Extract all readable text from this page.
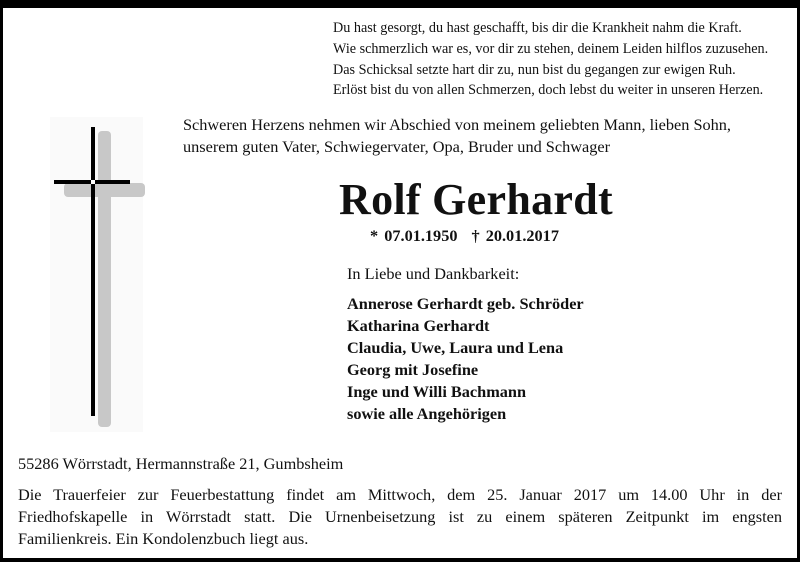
Du hast gesorgt, du hast geschafft, bis dir die Krankheit nahm die Kraft.
Wie schmerzlich war es, vor dir zu stehen, deinem Leiden hilflos zuzusehen.
Das Schicksal setzte hart dir zu, nun bist du gegangen zur ewigen Ruh.
Erlöst bist du von allen Schmerzen, doch lebst du weiter in unseren Herzen.
Schweren Herzens nehmen wir Abschied von meinem geliebten Mann, lieben Sohn,
unserem guten Vater, Schwiegervater, Opa, Bruder und Schwager
Rolf Gerhardt
* 07.01.1950 † 20.01.2017
In Liebe und Dankbarkeit:
Annerose Gerhardt geb. Schröder
Katharina Gerhardt
Claudia, Uwe, Laura und Lena
Georg mit Josefine
Inge und Willi Bachmann
sowie alle Angehörigen
55286 Wörrstadt, Hermannstraße 21, Gumbsheim
Die Trauerfeier zur Feuerbestattung findet am Mittwoch, dem 25. Januar 2017 um 14.00 Uhr in der
Friedhofskapelle in Wörrstadt statt. Die Urnenbeisetzung ist zu einem späteren Zeitpunkt im engsten
Familienkreis. Ein Kondolenzbuch liegt aus.
